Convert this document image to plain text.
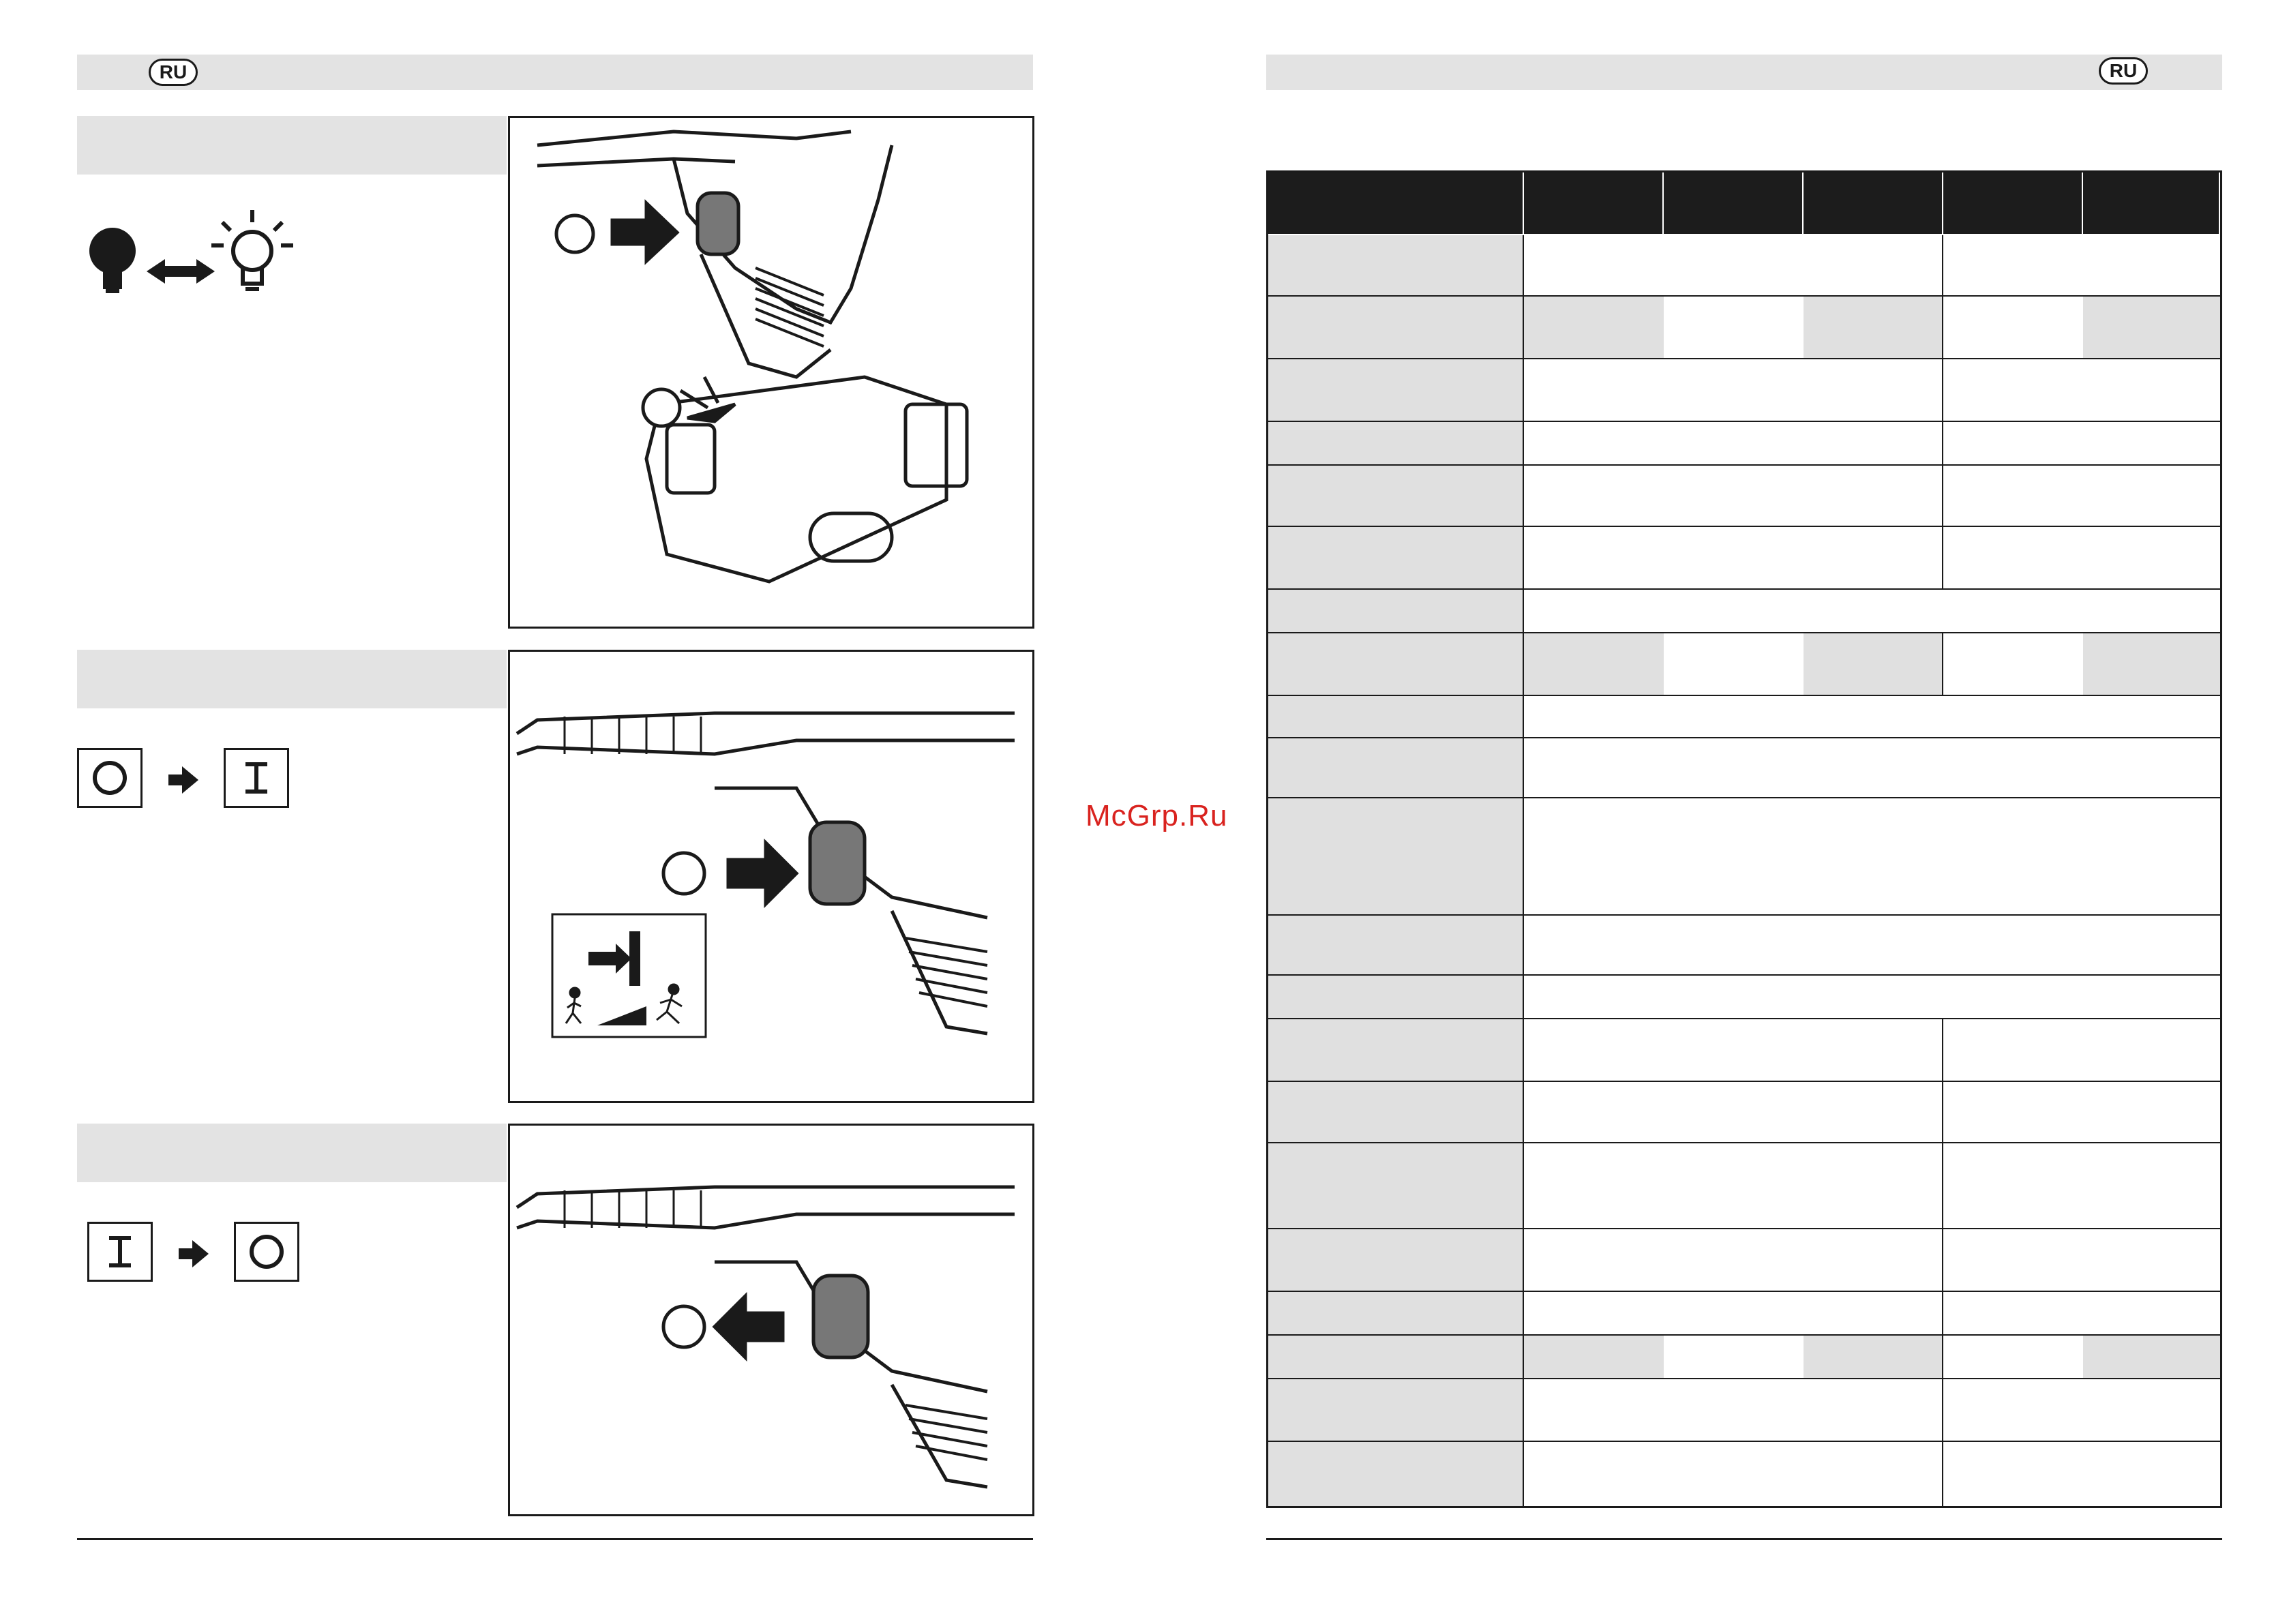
RU
McGrp.Ru
RU
